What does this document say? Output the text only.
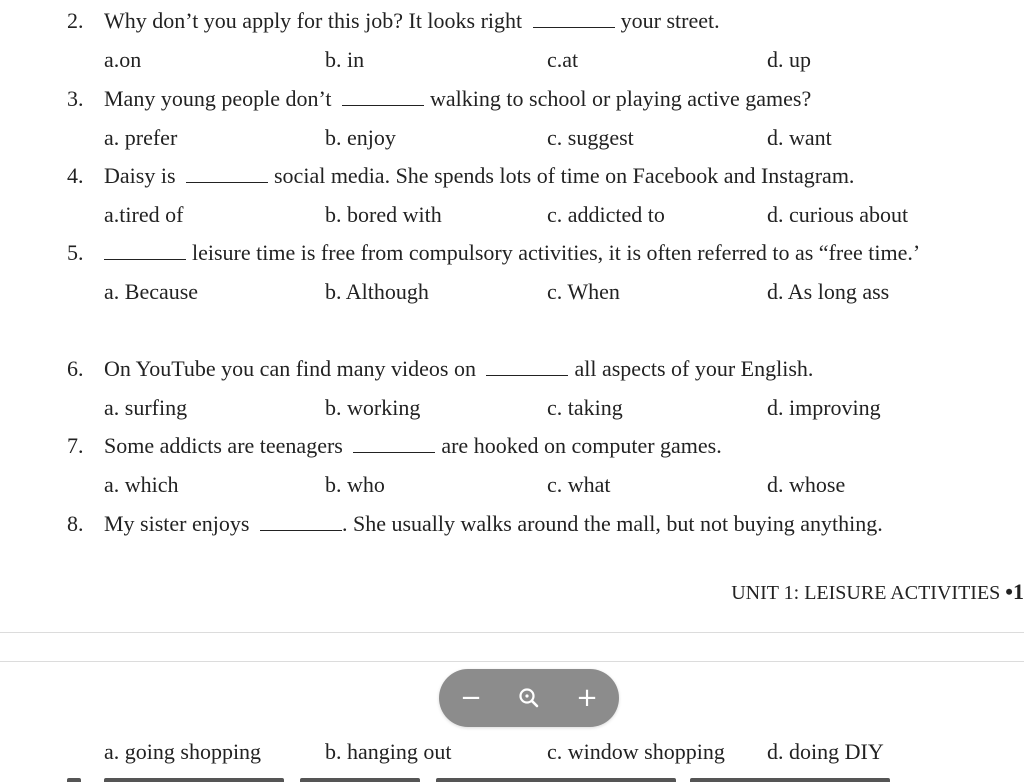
2. Why don’t you apply for this job? It looks right	your street.
a.on	b. in	c.at	d. up
3. Many young people don’t	walking to school or playing active games?
a. prefer	b. enjoy	c. suggest	d. want
4. Daisy is	social media. She spends lots of time on Facebook and Instagram.
a.tired of	b. bored with	c. addicted to	d. curious about
5.	leisure time is free from compulsory activities, it is often referred to as “free time.’
a. Because	b. Although	c. When	d. As long ass
6. On YouTube you can find many videos on	all aspects of your English.
a. surfing	b. working	c. taking	d. improving
7. Some addicts are teenagers	are hooked on computer games.
a. which	b. who	c. what	d. whose
8. My sister enjoys	. She usually walks around the mall, but not buying anything.
UNIT 1: LEISURE ACTIVITIES •1
a. going shopping	b. hanging out	c. window shopping d. doing DIY
−	+
